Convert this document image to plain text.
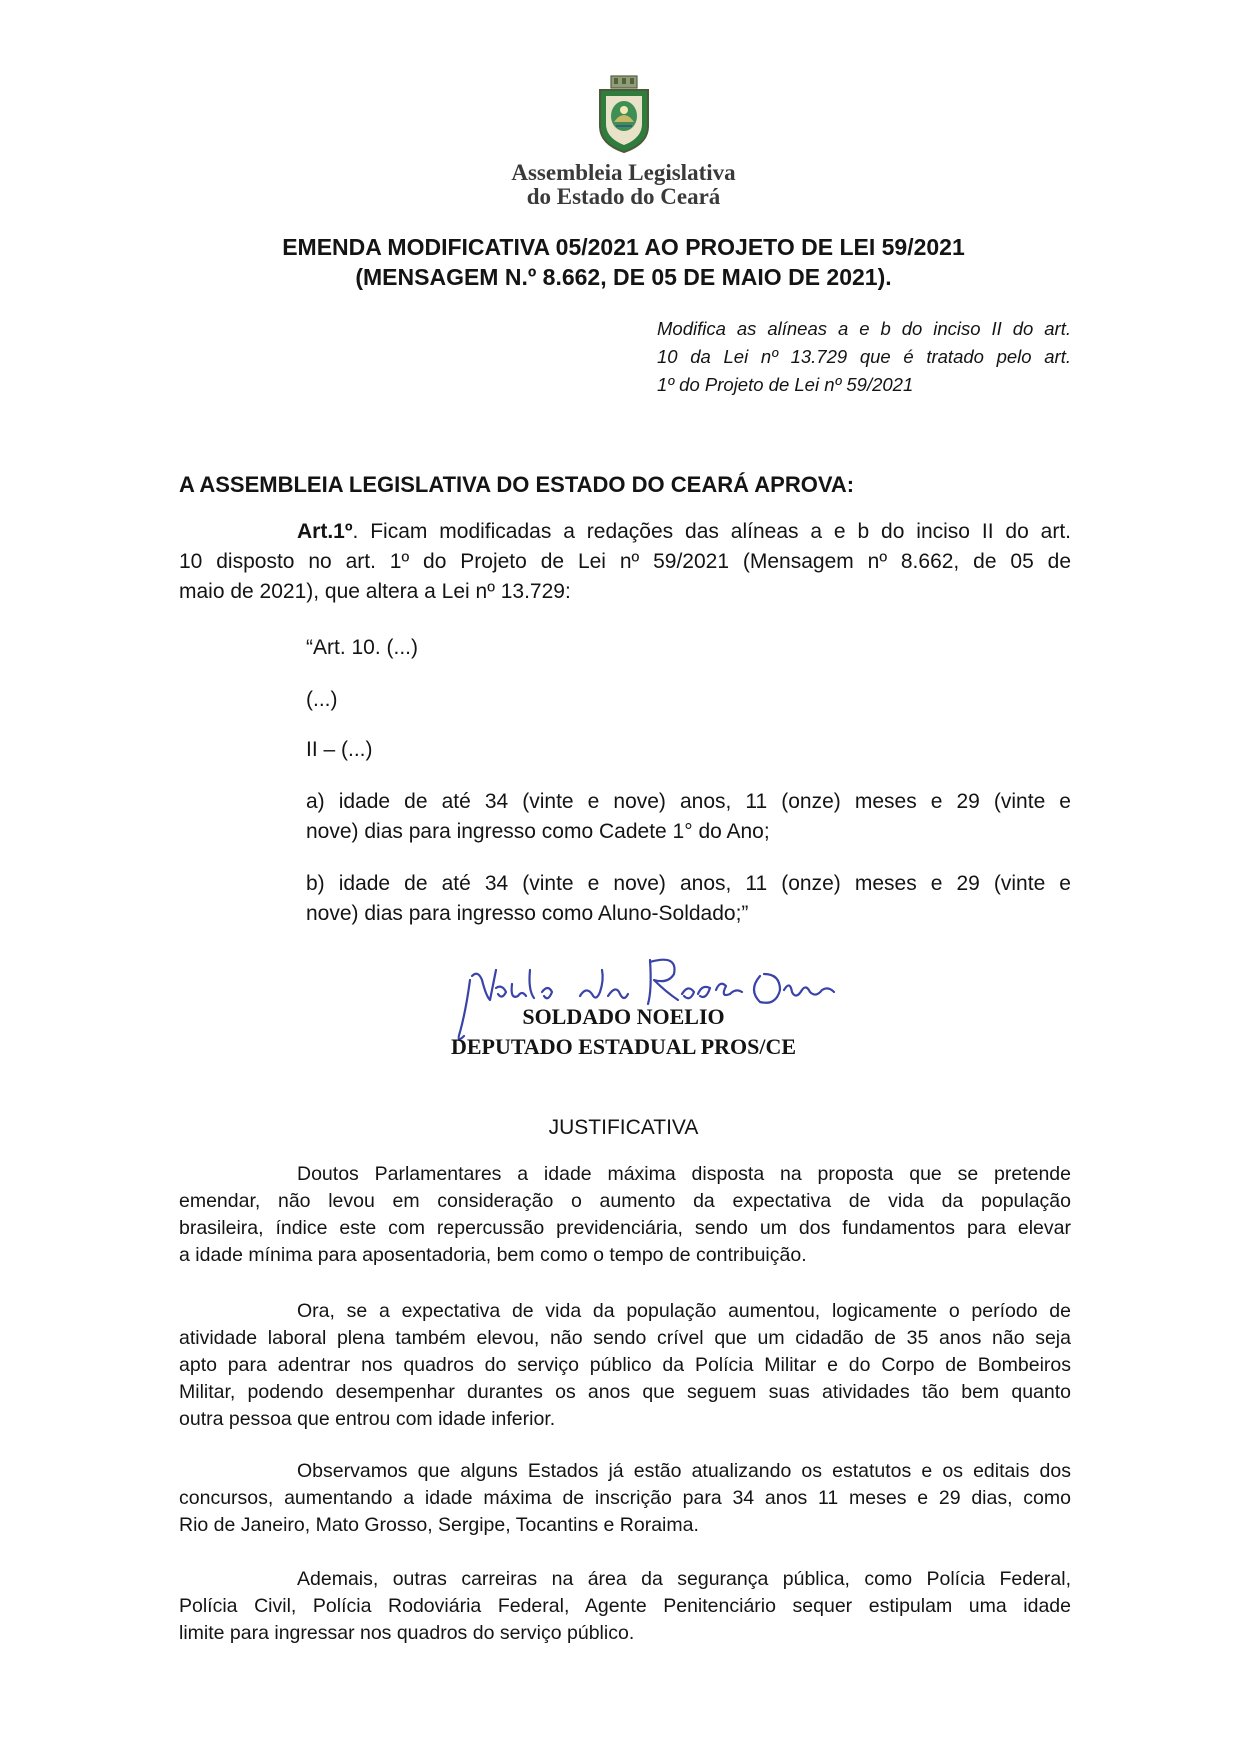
Assembleia Legislativa
do Estado do Ceará
EMENDA MODIFICATIVA 05/2021 AO PROJETO DE LEI 59/2021
(MENSAGEM N.º 8.662, DE 05 DE MAIO DE 2021).
Modifica as alíneas a e b do inciso II do art.
10 da Lei nº 13.729 que é tratado pelo art.
1º do Projeto de Lei nº 59/2021
A ASSEMBLEIA LEGISLATIVA DO ESTADO DO CEARÁ APROVA:
Art.1º. Ficam modificadas a redações das alíneas a e b do inciso II do art.
10 disposto no art. 1º do Projeto de Lei nº 59/2021 (Mensagem nº 8.662, de 05 de
maio de 2021), que altera a Lei nº 13.729:
“Art. 10. (...)
(...)
II – (...)
a) idade de até 34 (vinte e nove) anos, 11 (onze) meses e 29 (vinte e
nove) dias para ingresso como Cadete 1° do Ano;
b) idade de até 34 (vinte e nove) anos, 11 (onze) meses e 29 (vinte e
nove) dias para ingresso como Aluno-Soldado;”
SOLDADO NOELIO
DEPUTADO ESTADUAL PROS/CE
JUSTIFICATIVA
Doutos Parlamentares a idade máxima disposta na proposta que se pretende
emendar, não levou em consideração o aumento da expectativa de vida da população
brasileira, índice este com repercussão previdenciária, sendo um dos fundamentos para elevar
a idade mínima para aposentadoria, bem como o tempo de contribuição.
Ora, se a expectativa de vida da população aumentou, logicamente o período de
atividade laboral plena também elevou, não sendo crível que um cidadão de 35 anos não seja
apto para adentrar nos quadros do serviço público da Polícia Militar e do Corpo de Bombeiros
Militar, podendo desempenhar durantes os anos que seguem suas atividades tão bem quanto
outra pessoa que entrou com idade inferior.
Observamos que alguns Estados já estão atualizando os estatutos e os editais dos
concursos, aumentando a idade máxima de inscrição para 34 anos 11 meses e 29 dias, como
Rio de Janeiro, Mato Grosso, Sergipe, Tocantins e Roraima.
Ademais, outras carreiras na área da segurança pública, como Polícia Federal,
Polícia Civil, Polícia Rodoviária Federal, Agente Penitenciário sequer estipulam uma idade
limite para ingressar nos quadros do serviço público.
